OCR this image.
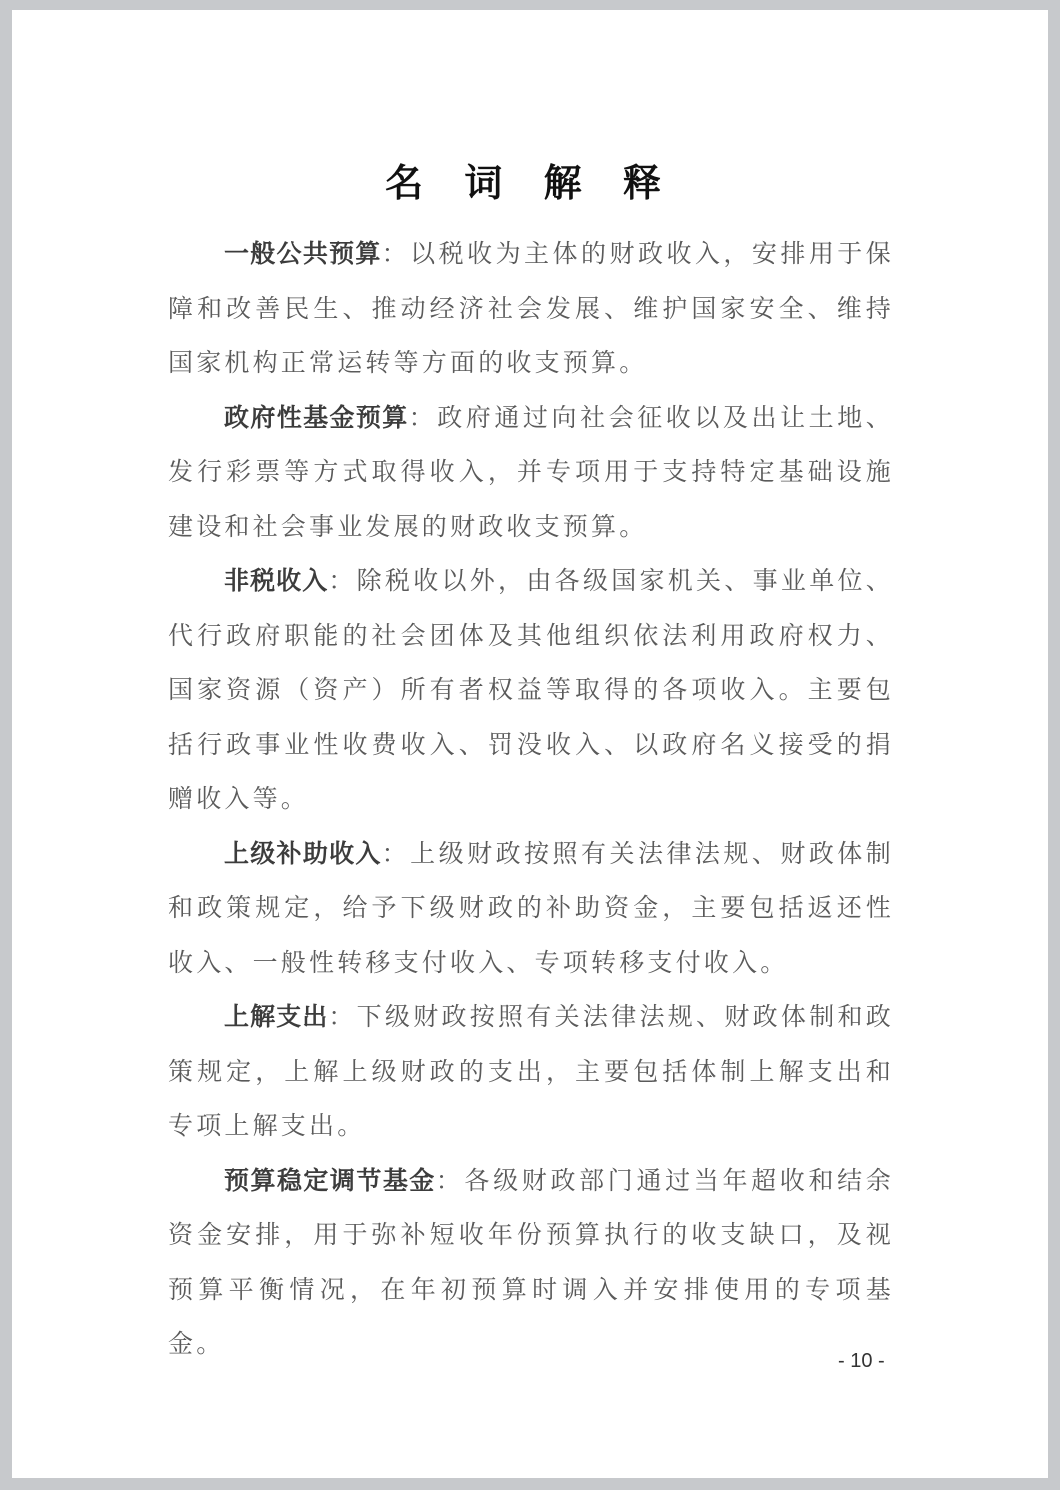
名 词 解 释

一般公共预算：以税收为主体的财政收入，安排用于保障和改善民生、推动经济社会发展、维护国家安全、维持国家机构正常运转等方面的收支预算。

政府性基金预算：政府通过向社会征收以及出让土地、发行彩票等方式取得收入，并专项用于支持特定基础设施建设和社会事业发展的财政收支预算。

非税收入：除税收以外，由各级国家机关、事业单位、代行政府职能的社会团体及其他组织依法利用政府权力、国家资源（资产）所有者权益等取得的各项收入。主要包括行政事业性收费收入、罚没收入、以政府名义接受的捐赠收入等。

上级补助收入：上级财政按照有关法律法规、财政体制和政策规定，给予下级财政的补助资金，主要包括返还性收入、一般性转移支付收入、专项转移支付收入。

上解支出：下级财政按照有关法律法规、财政体制和政策规定，上解上级财政的支出，主要包括体制上解支出和专项上解支出。

预算稳定调节基金：各级财政部门通过当年超收和结余资金安排，用于弥补短收年份预算执行的收支缺口，及视预算平衡情况，在年初预算时调入并安排使用的专项基金。

- 10 -
